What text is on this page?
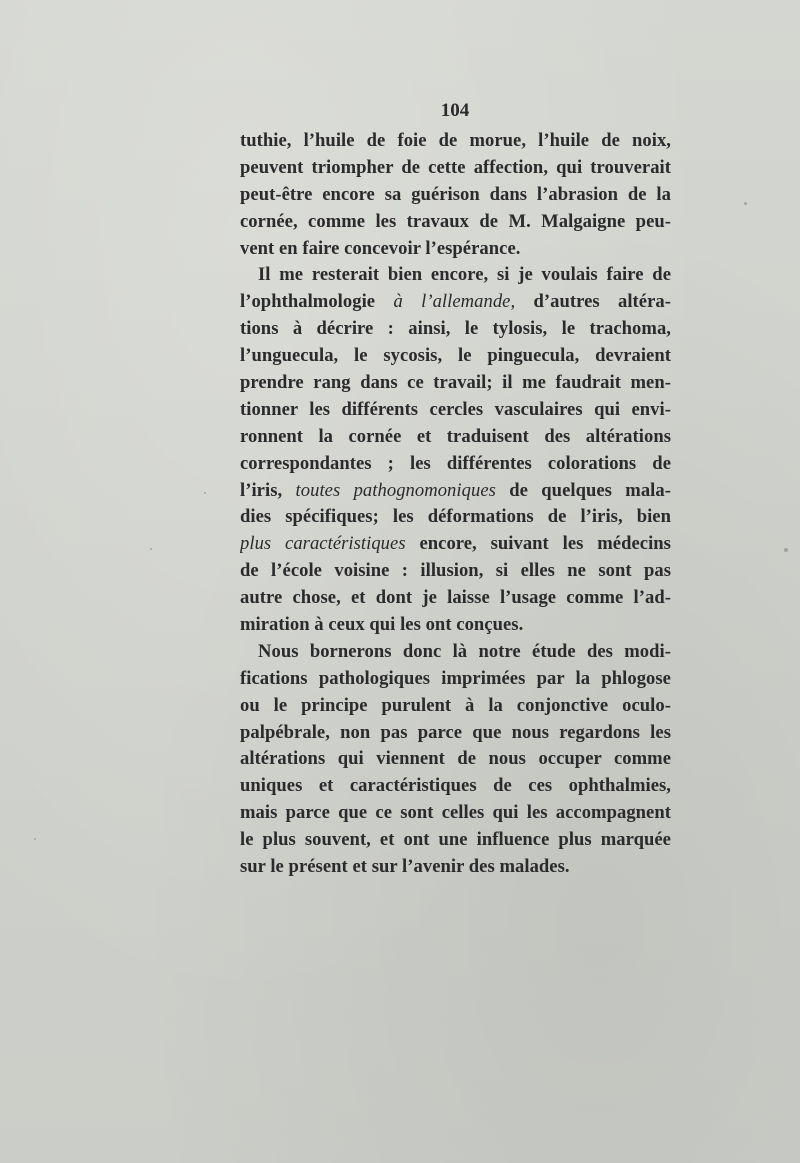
104
tuthie, l’huile de foie de morue, l’huile de noix,
peuvent triompher de cette affection, qui trouverait
peut-être encore sa guérison dans l’abrasion de la
cornée, comme les travaux de M. Malgaigne peu-
vent en faire concevoir l’espérance.
Il me resterait bien encore, si je voulais faire de
l’ophthalmologie à l’allemande, d’autres altéra-
tions à décrire : ainsi, le tylosis, le trachoma,
l’unguecula, le sycosis, le pinguecula, devraient
prendre rang dans ce travail; il me faudrait men-
tionner les différents cercles vasculaires qui envi-
ronnent la cornée et traduisent des altérations
correspondantes ; les différentes colorations de
l’iris, toutes pathognomoniques de quelques mala-
dies spécifiques; les déformations de l’iris, bien
plus caractéristiques encore, suivant les médecins
de l’école voisine : illusion, si elles ne sont pas
autre chose, et dont je laisse l’usage comme l’ad-
miration à ceux qui les ont conçues.
Nous bornerons donc là notre étude des modi-
fications pathologiques imprimées par la phlogose
ou le principe purulent à la conjonctive oculo-
palpébrale, non pas parce que nous regardons les
altérations qui viennent de nous occuper comme
uniques et caractéristiques de ces ophthalmies,
mais parce que ce sont celles qui les accompagnent
le plus souvent, et ont une influence plus marquée
sur le présent et sur l’avenir des malades.
